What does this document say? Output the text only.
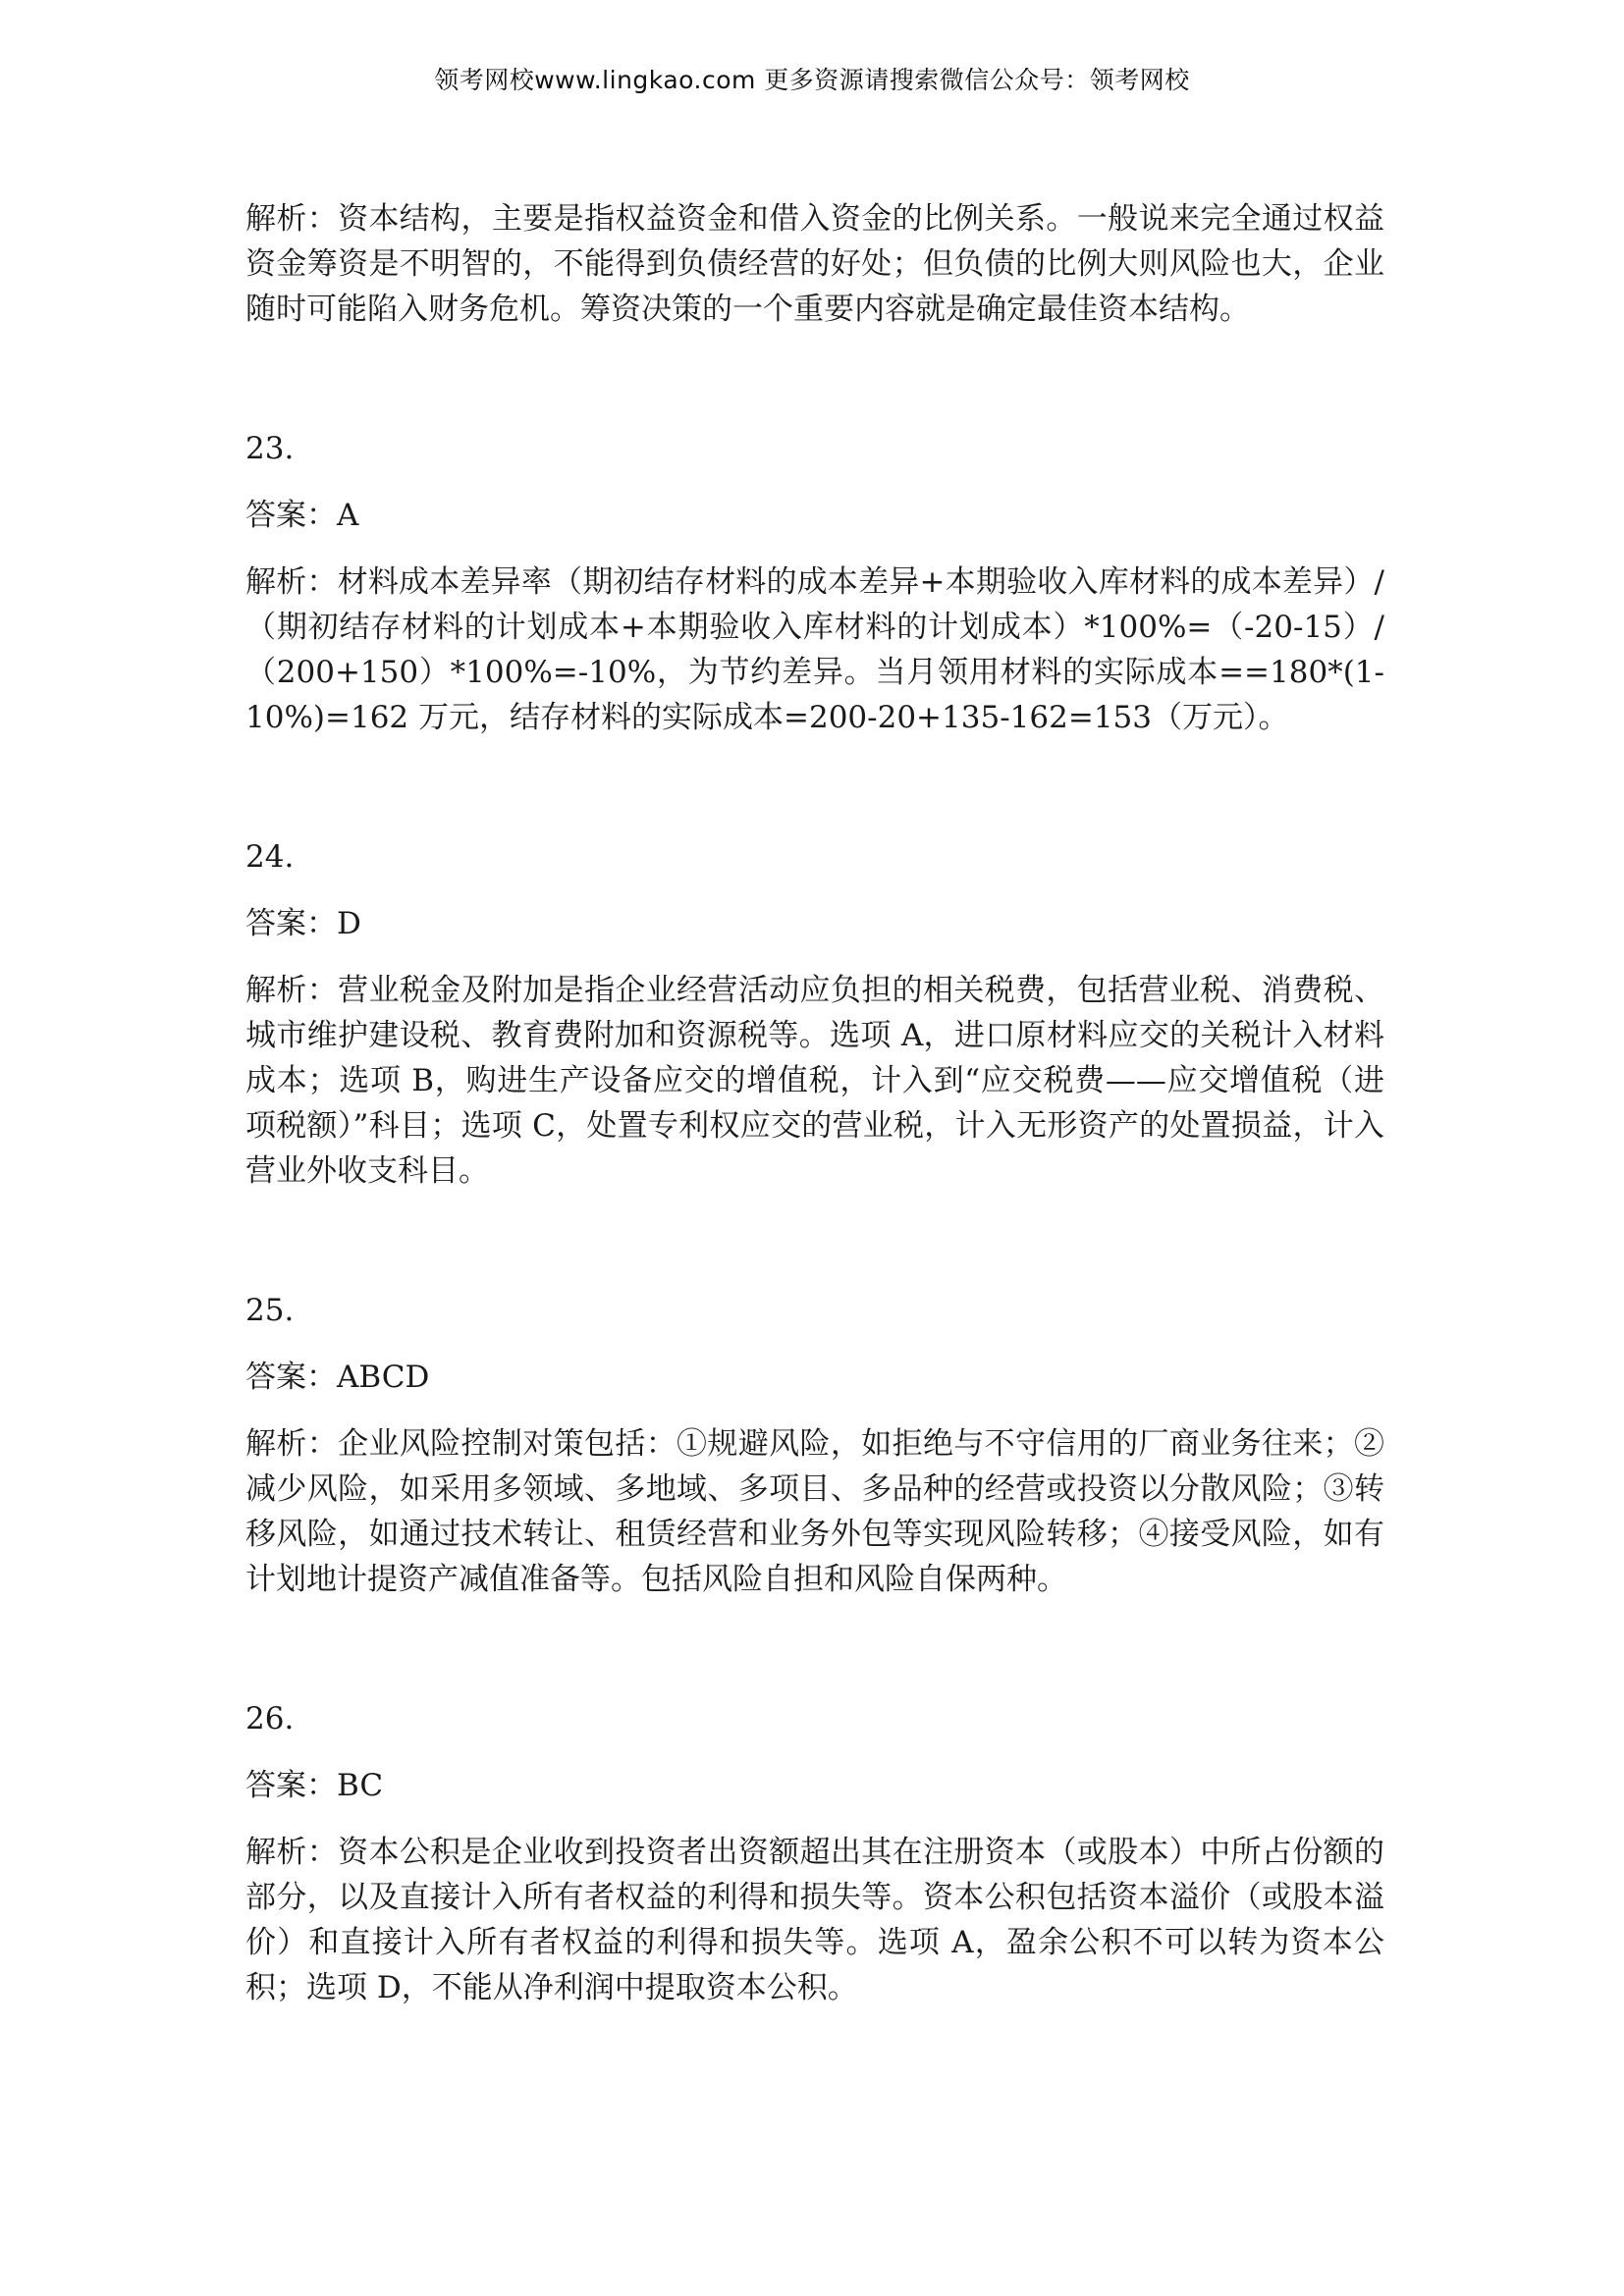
领考网校www.lingkao.com 更多资源请搜索微信公众号：领考网校

解析：资本结构，主要是指权益资金和借入资金的比例关系。一般说来完全通过权益资金筹资是不明智的，不能得到负债经营的好处；但负债的比例大则风险也大，企业随时可能陷入财务危机。筹资决策的一个重要内容就是确定最佳资本结构。

23.

答案：A

解析：材料成本差异率（期初结存材料的成本差异+本期验收入库材料的成本差异）/（期初结存材料的计划成本+本期验收入库材料的计划成本）*100%=（-20-15）/（200+150）*100%=-10%，为节约差异。当月领用材料的实际成本==180*(1-10%)=162 万元，结存材料的实际成本=200-20+135-162=153（万元）。

24.

答案：D

解析：营业税金及附加是指企业经营活动应负担的相关税费，包括营业税、消费税、城市维护建设税、教育费附加和资源税等。选项 A，进口原材料应交的关税计入材料成本；选项 B，购进生产设备应交的增值税，计入到“应交税费——应交增值税（进项税额）”科目；选项 C，处置专利权应交的营业税，计入无形资产的处置损益，计入营业外收支科目。

25.

答案：ABCD

解析：企业风险控制对策包括：①规避风险，如拒绝与不守信用的厂商业务往来；②减少风险，如采用多领域、多地域、多项目、多品种的经营或投资以分散风险；③转移风险，如通过技术转让、租赁经营和业务外包等实现风险转移；④接受风险，如有计划地计提资产减值准备等。包括风险自担和风险自保两种。

26.

答案：BC

解析：资本公积是企业收到投资者出资额超出其在注册资本（或股本）中所占份额的部分，以及直接计入所有者权益的利得和损失等。资本公积包括资本溢价（或股本溢价）和直接计入所有者权益的利得和损失等。选项 A，盈余公积不可以转为资本公积；选项 D，不能从净利润中提取资本公积。
